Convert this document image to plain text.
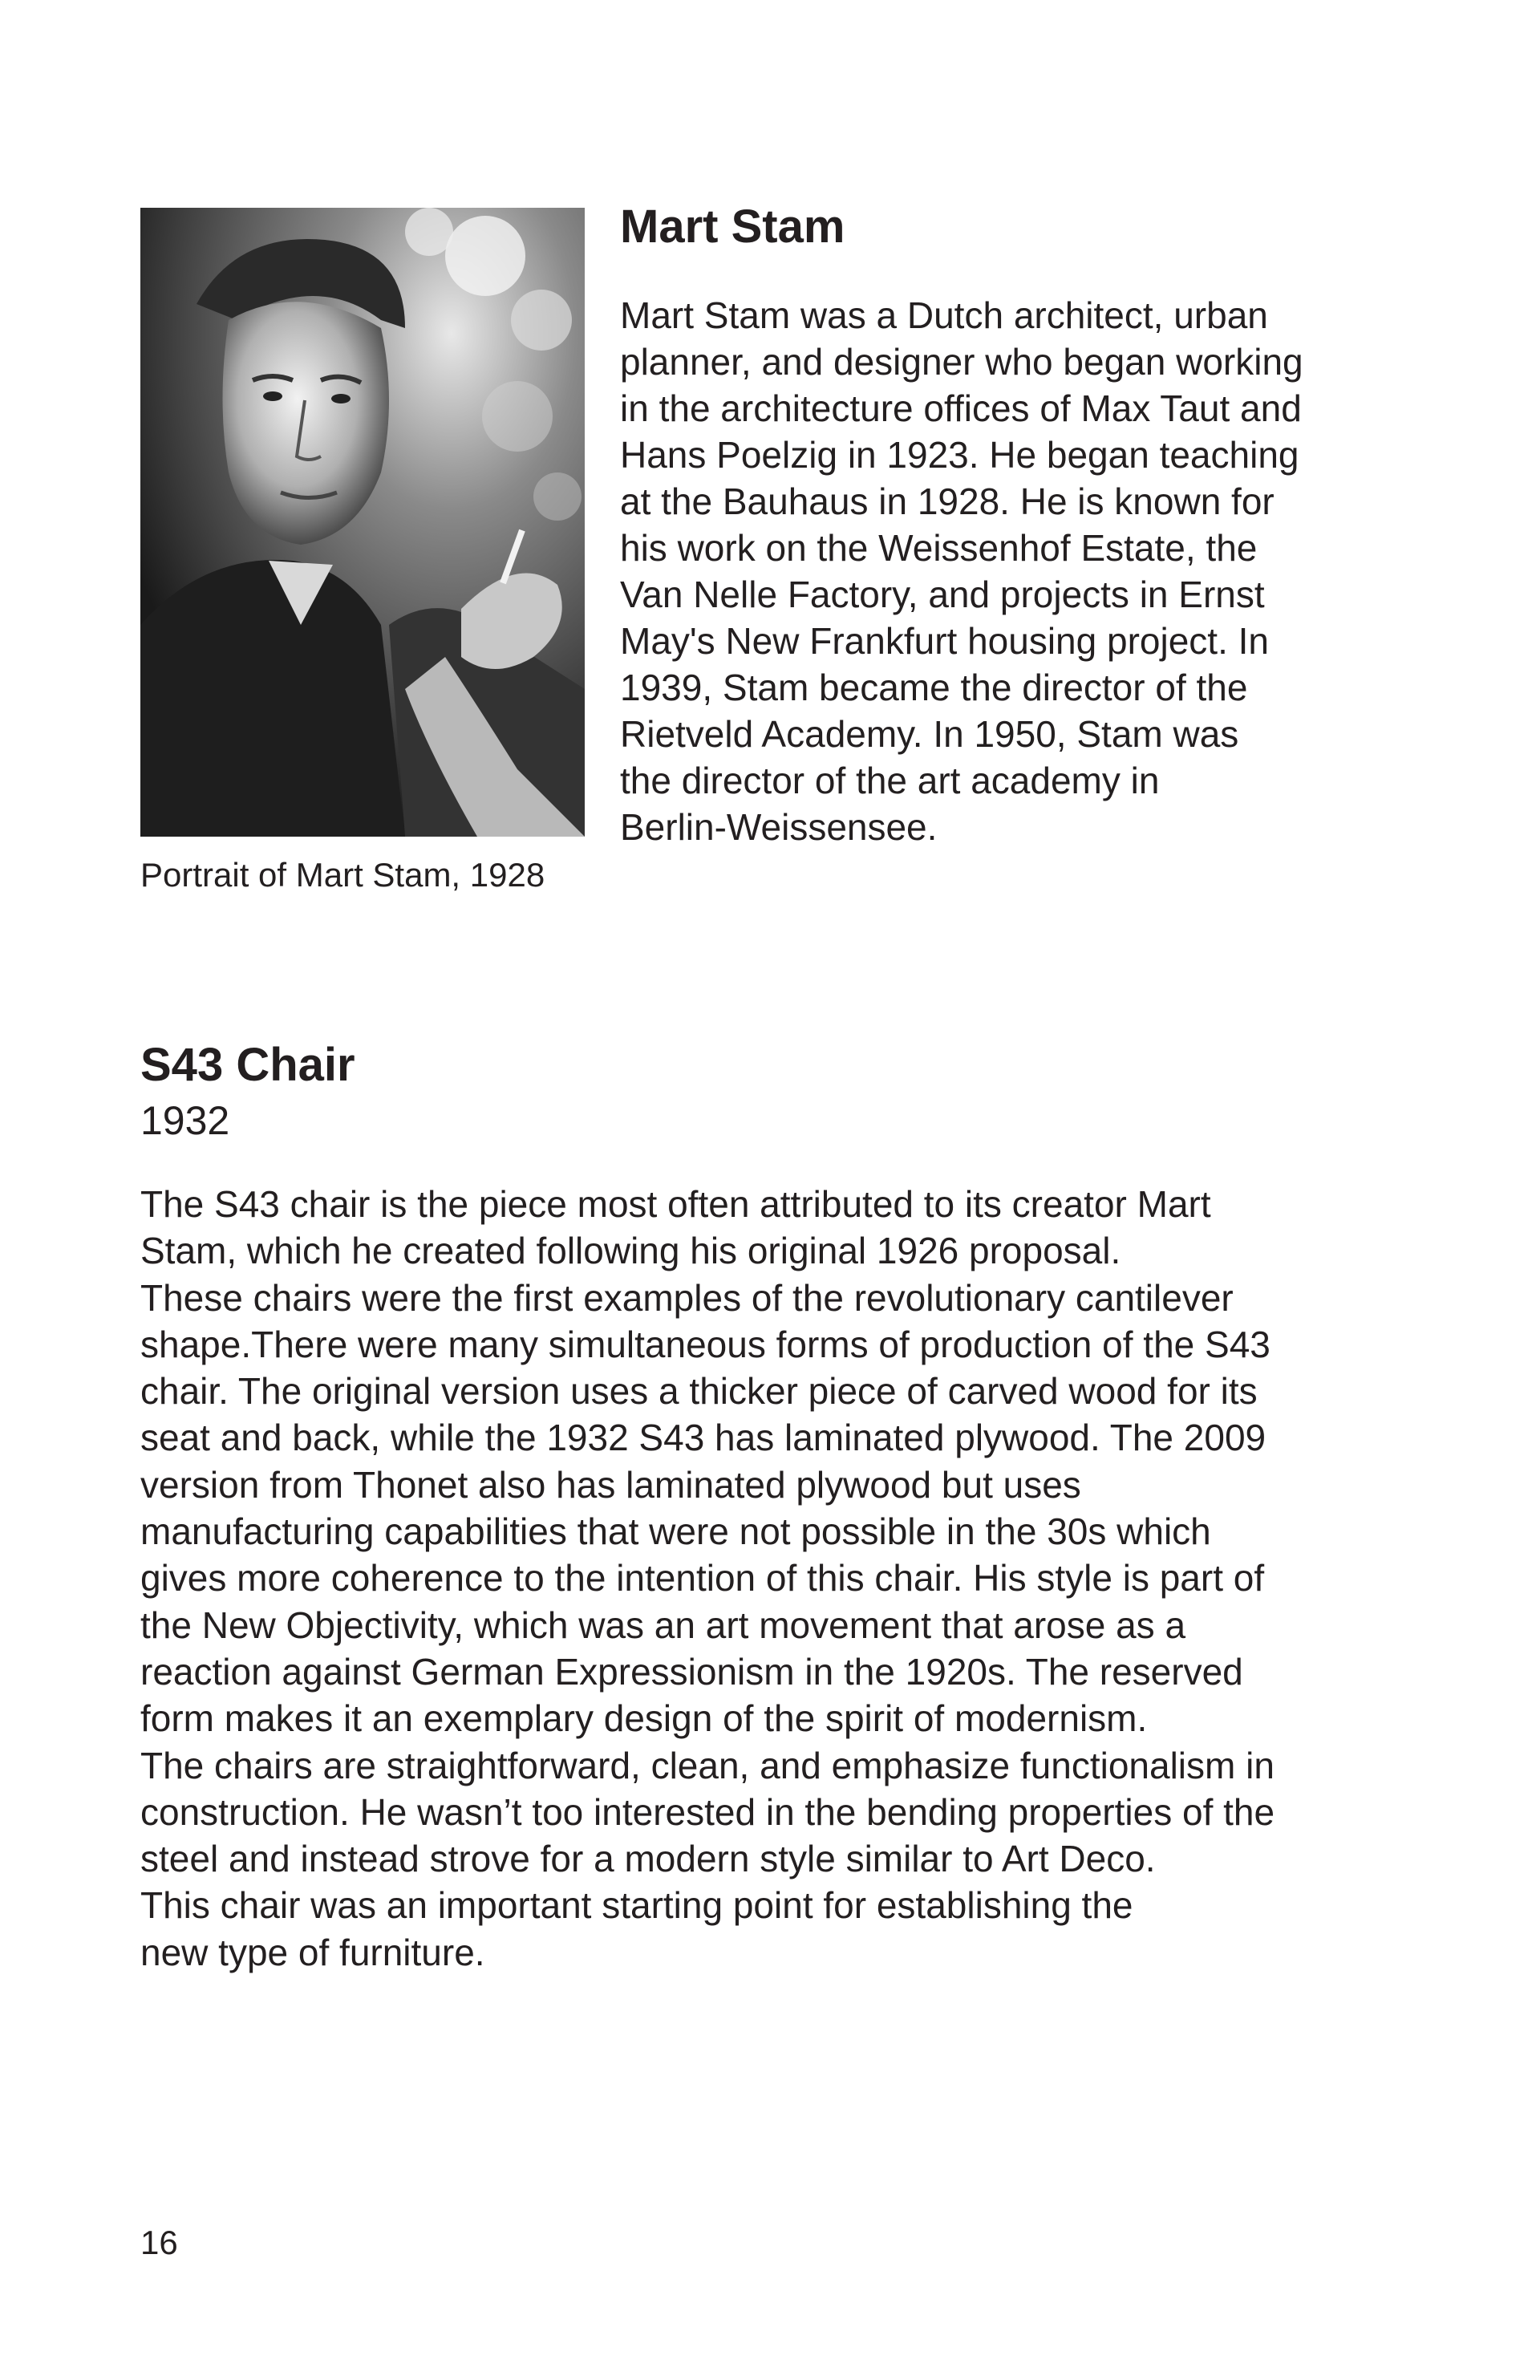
Portrait of Mart Stam, 1928
Mart Stam

Mart Stam was a Dutch architect, urban
planner, and designer who began working
in the architecture offices of Max Taut and
Hans Poelzig in 1923. He began teaching
at the Bauhaus in 1928. He is known for
his work on the Weissenhof Estate, the
Van Nelle Factory, and projects in Ernst
May's New Frankfurt housing project. In
1939, Stam became the director of the
Rietveld Academy. In 1950, Stam was
the director of the art academy in
Berlin-Weissensee.

S43 Chair
1932

The S43 chair is the piece most often attributed to its creator Mart
Stam, which he created following his original 1926 proposal.
These chairs were the first examples of the revolutionary cantilever
shape.There were many simultaneous forms of production of the S43
chair. The original version uses a thicker piece of carved wood for its
seat and back, while the 1932 S43 has laminated plywood. The 2009
version from Thonet also has laminated plywood but uses
manufacturing capabilities that were not possible in the 30s which
gives more coherence to the intention of this chair. His style is part of
the New Objectivity, which was an art movement that arose as a
reaction against German Expressionism in the 1920s. The reserved
form makes it an exemplary design of the spirit of modernism.
The chairs are straightforward, clean, and emphasize functionalism in
construction. He wasn’t too interested in the bending properties of the
steel and instead strove for a modern style similar to Art Deco.
This chair was an important starting point for establishing the
new type of furniture.

16
